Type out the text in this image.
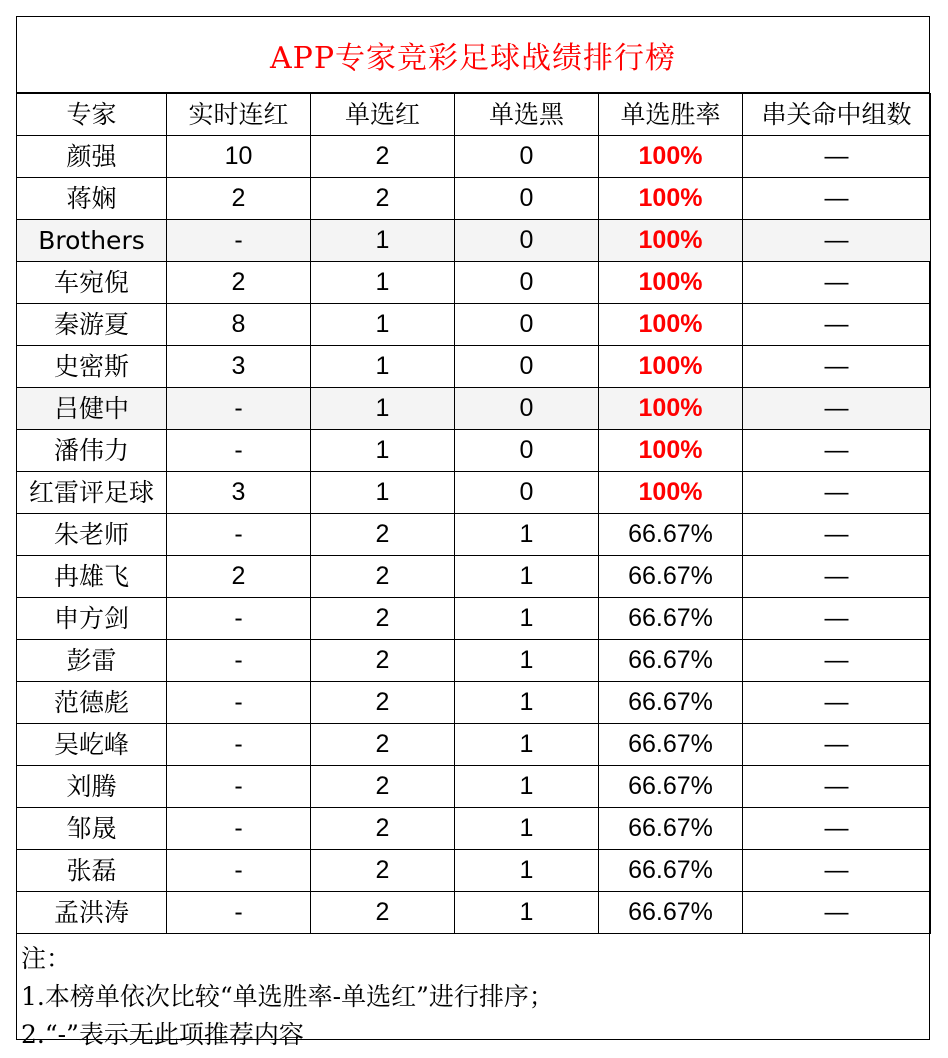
APP专家竞彩足球战绩排行榜
专家	实时连红	单选红	单选黑	单选胜率	串关命中组数
颜强	10	2	0	100%	—
蒋娴	2	2	0	100%	—
Brothers	-	1	0	100%	—
车宛倪	2	1	0	100%	—
秦游夏	8	1	0	100%	—
史密斯	3	1	0	100%	—
吕健中	-	1	0	100%	—
潘伟力	-	1	0	100%	—
红雷评足球	3	1	0	100%	—
朱老师	-	2	1	66.67%	—
冉雄飞	2	2	1	66.67%	—
申方剑	-	2	1	66.67%	—
彭雷	-	2	1	66.67%	—
范德彪	-	2	1	66.67%	—
吴屹峰	-	2	1	66.67%	—
刘腾	-	2	1	66.67%	—
邹晟	-	2	1	66.67%	—
张磊	-	2	1	66.67%	—
孟洪涛	-	2	1	66.67%	—
注：
1.本榜单依次比较“单选胜率-单选红”进行排序；
2.“-”表示无此项推荐内容
